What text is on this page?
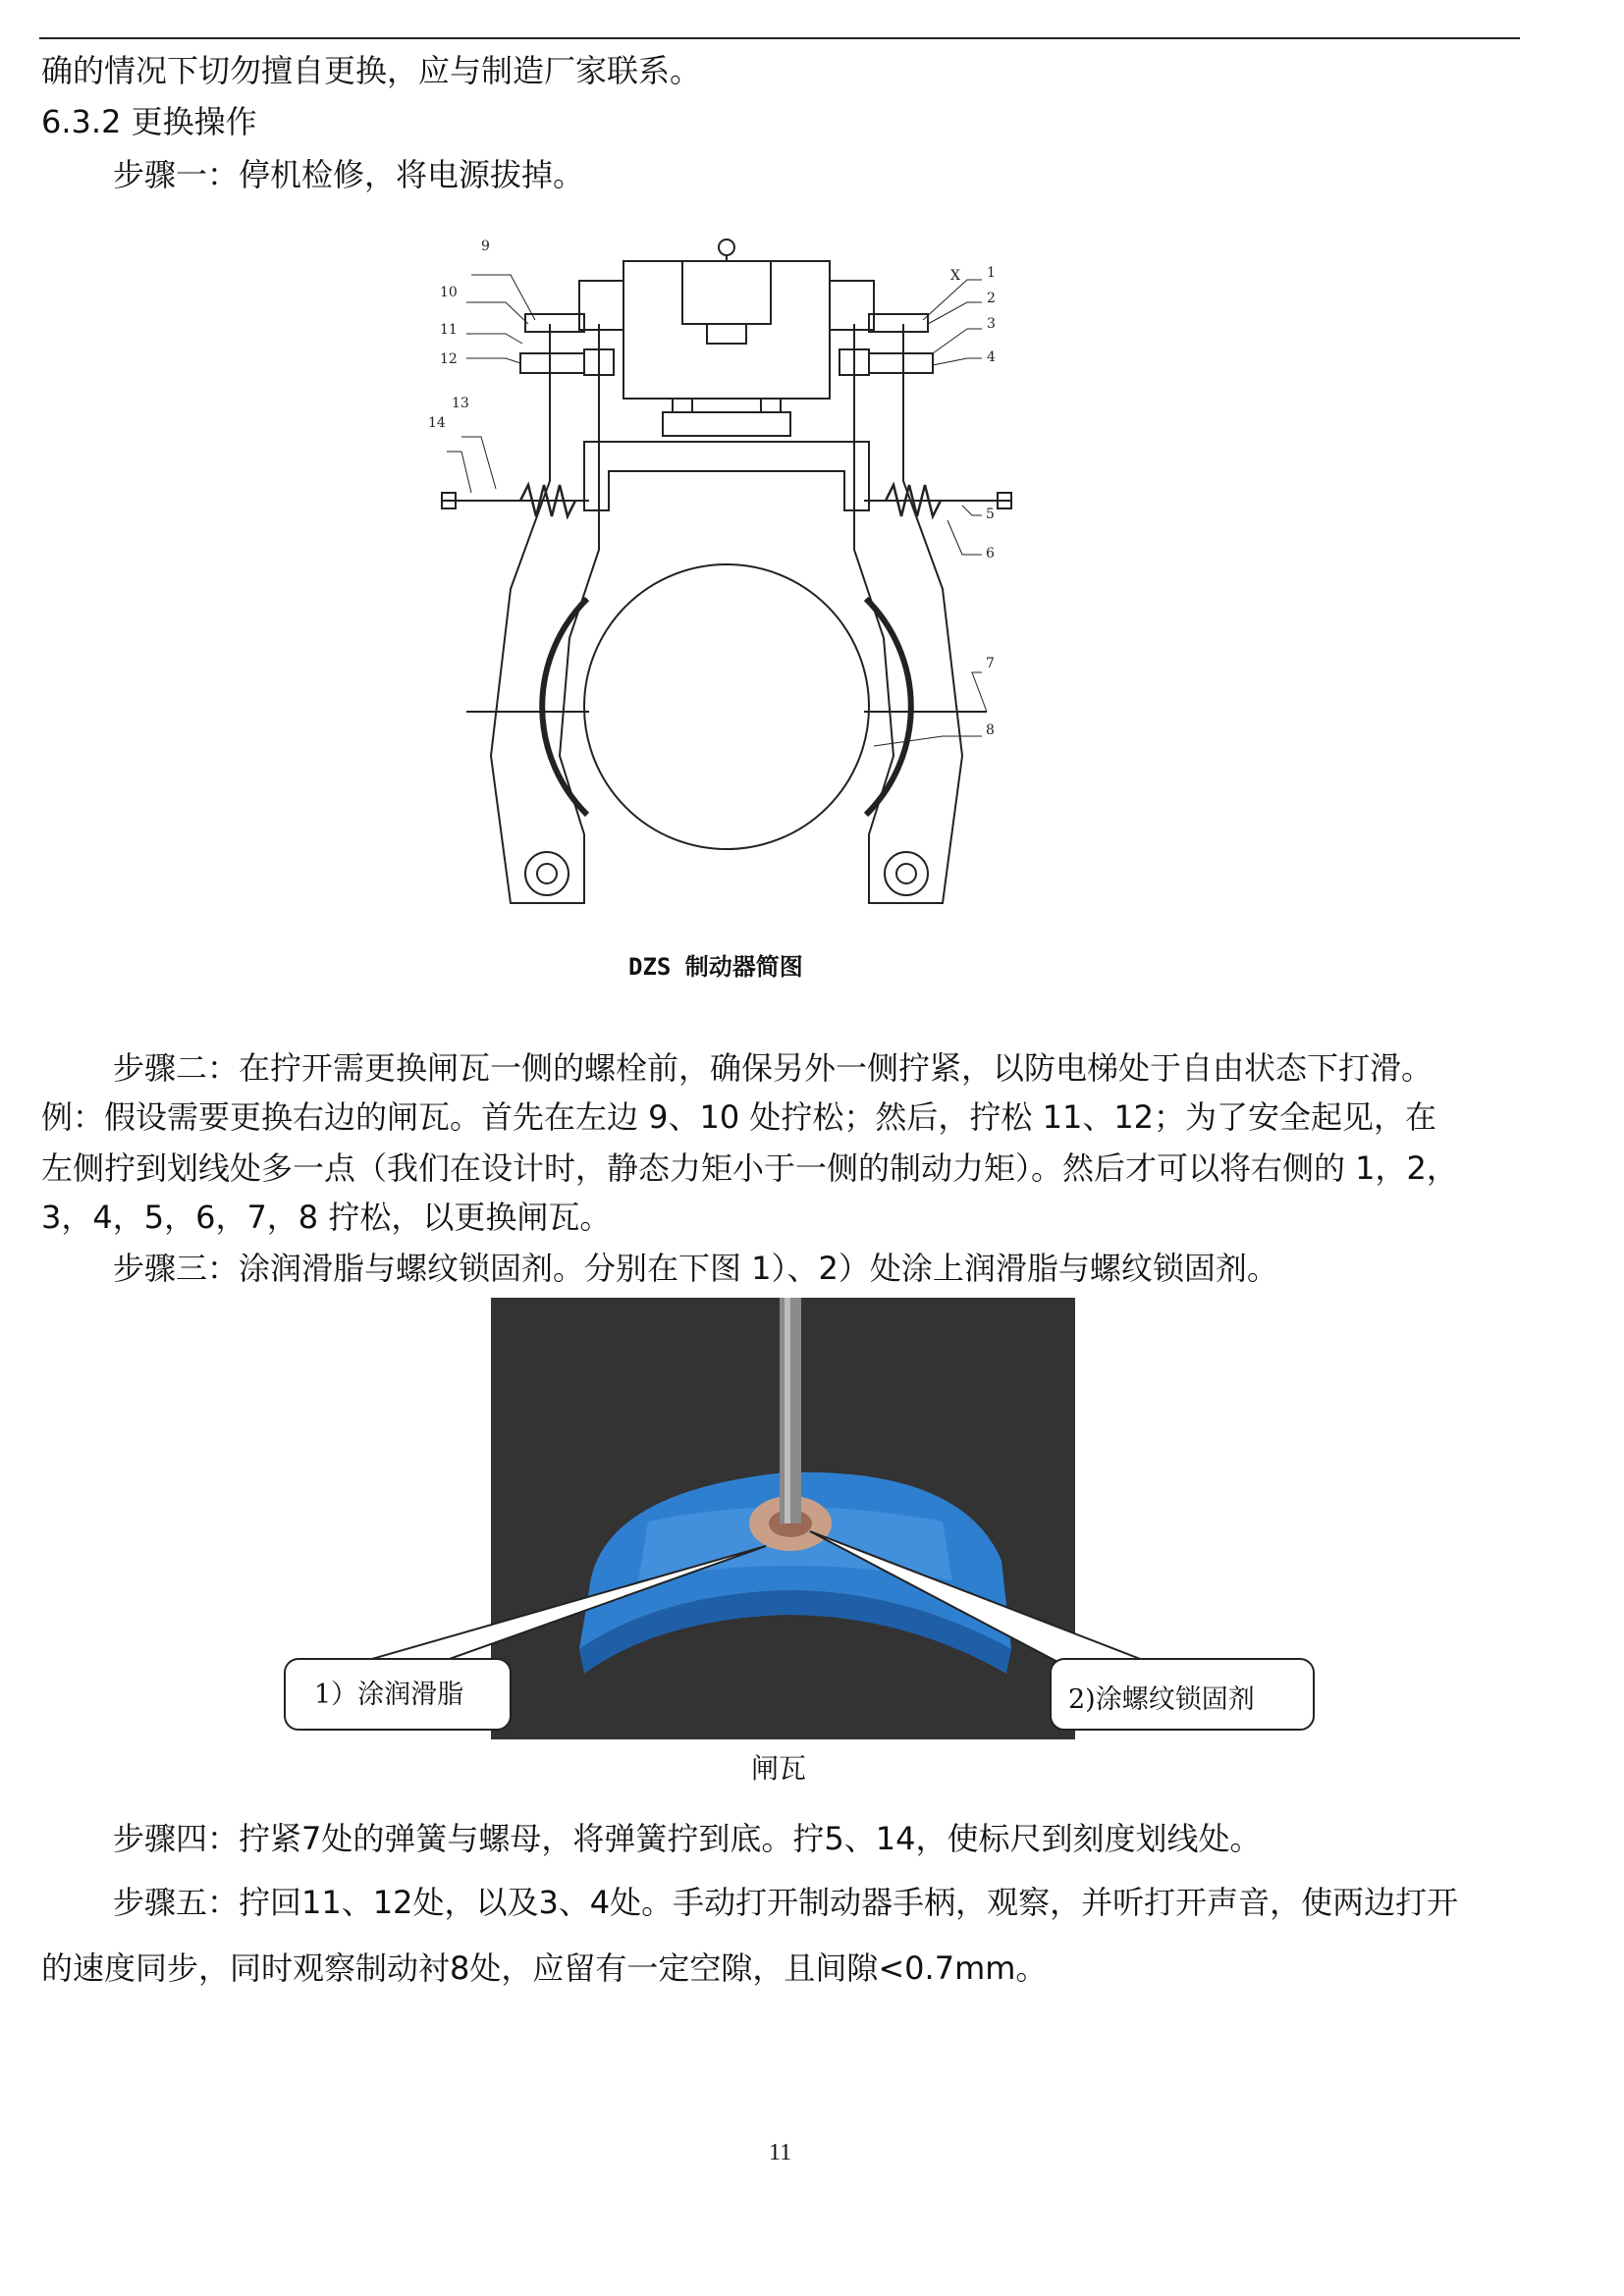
确的情况下切勿擅自更换，应与制造厂家联系。
6.3.2 更换操作
步骤一：停机检修，将电源拔掉。
9
10
11
12
13
14
X 1
2
3
4
5
6
7
8
DZS 制动器简图
步骤二：在拧开需更换闸瓦一侧的螺栓前，确保另外一侧拧紧，以防电梯处于自由状态下打滑。
例：假设需要更换右边的闸瓦。首先在左边 9、10 处拧松；然后，拧松 11、12；为了安全起见，在
左侧拧到划线处多一点（我们在设计时，静态力矩小于一侧的制动力矩）。然后才可以将右侧的 1，2，
3，4，5，6，7，8 拧松，以更换闸瓦。
步骤三：涂润滑脂与螺纹锁固剂。分别在下图 1）、2）处涂上润滑脂与螺纹锁固剂。
1）涂润滑脂	2)涂螺纹锁固剂
闸瓦
步骤四：拧紧7处的弹簧与螺母，将弹簧拧到底。拧5、14，使标尺到刻度划线处。
步骤五：拧回11、12处，以及3、4处。手动打开制动器手柄，观察，并听打开声音，使两边打开
的速度同步，同时观察制动衬8处，应留有一定空隙，且间隙<0.7mm。
11
